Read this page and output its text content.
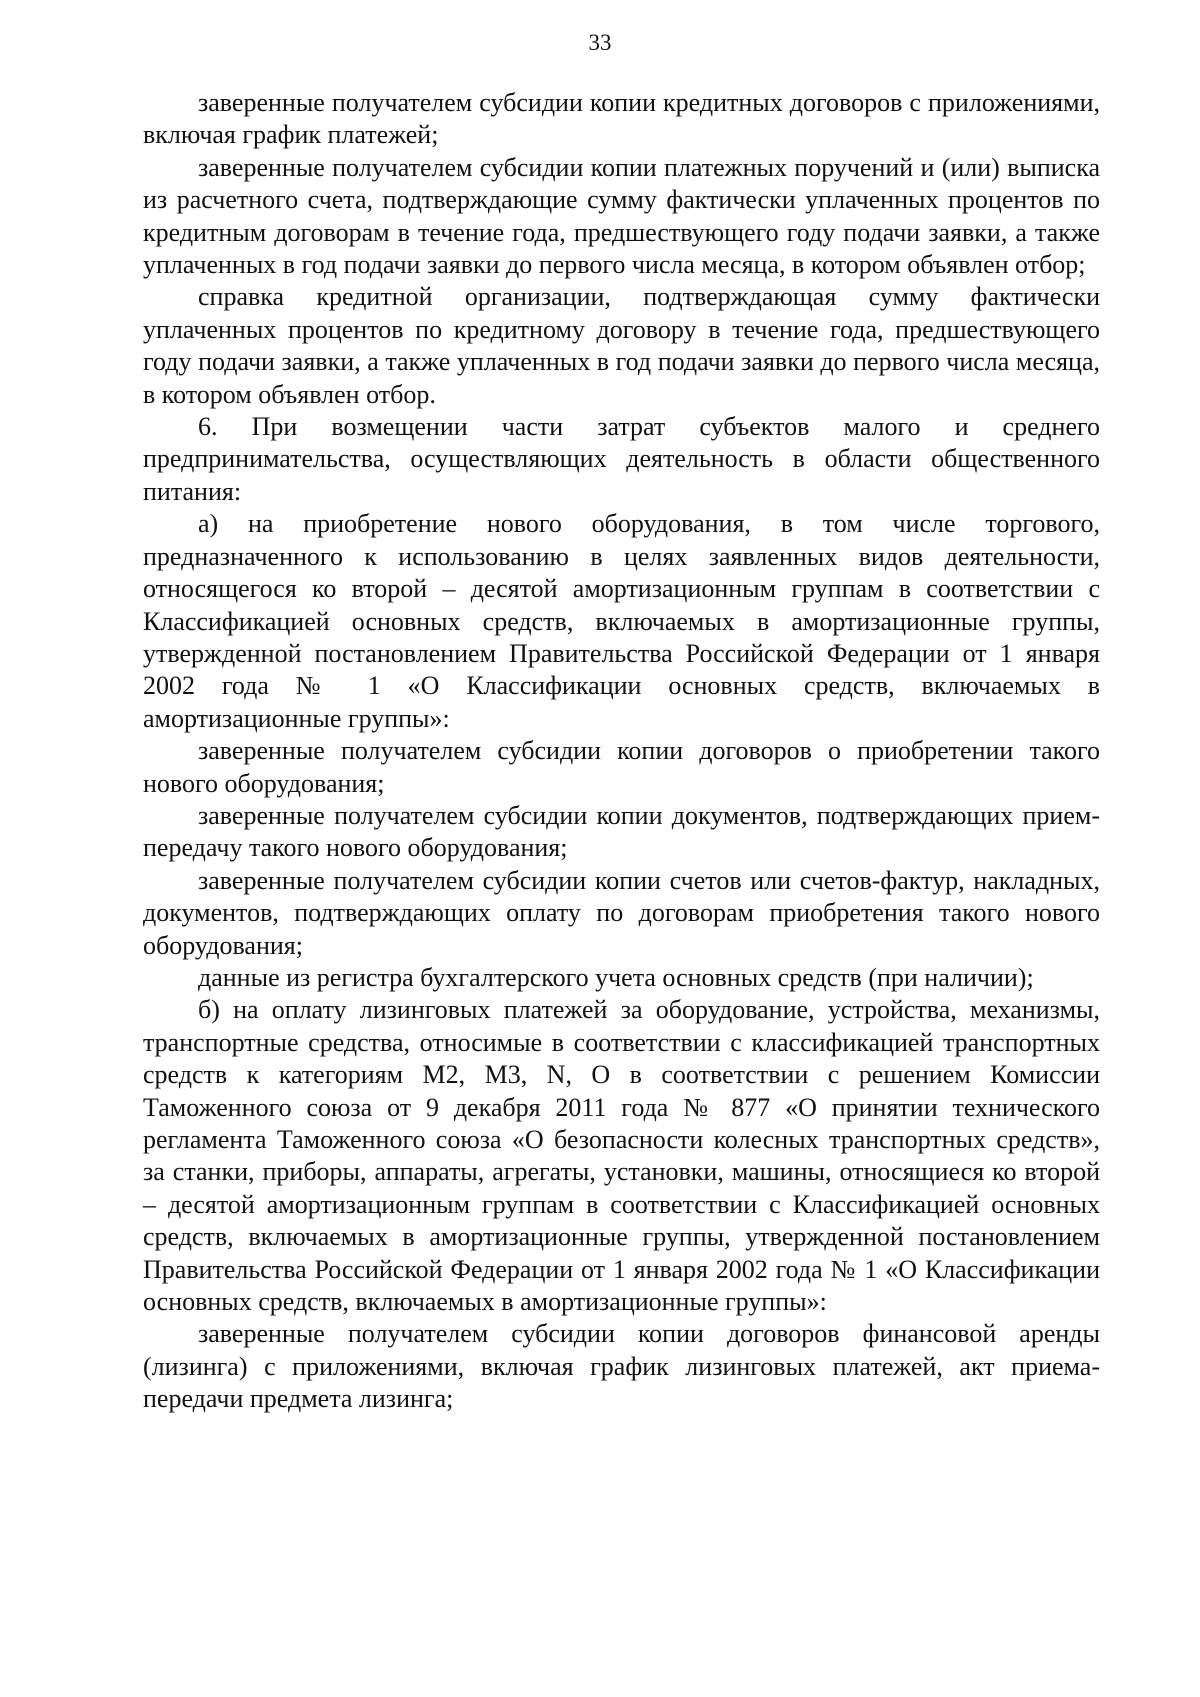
33

заверенные получателем субсидии копии кредитных договоров с приложениями, включая график платежей;

заверенные получателем субсидии копии платежных поручений и (или) выписка из расчетного счета, подтверждающие сумму фактически уплаченных процентов по кредитным договорам в течение года, предшествующего году подачи заявки, а также уплаченных в год подачи заявки до первого числа месяца, в котором объявлен отбор;

справка кредитной организации, подтверждающая сумму фактически уплаченных процентов по кредитному договору в течение года, предшествующего году подачи заявки, а также уплаченных в год подачи заявки до первого числа месяца, в котором объявлен отбор.

6. При возмещении части затрат субъектов малого и среднего предпринимательства, осуществляющих деятельность в области общественного питания:

а) на приобретение нового оборудования, в том числе торгового, предназначенного к использованию в целях заявленных видов деятельности, относящегося ко второй – десятой амортизационным группам в соответствии с Классификацией основных средств, включаемых в амортизационные группы, утвержденной постановлением Правительства Российской Федерации от 1 января 2002 года № 1 «О Классификации основных средств, включаемых в амортизационные группы»:

заверенные получателем субсидии копии договоров о приобретении такого нового оборудования;

заверенные получателем субсидии копии документов, подтверждающих прием-передачу такого нового оборудования;

заверенные получателем субсидии копии счетов или счетов-фактур, накладных, документов, подтверждающих оплату по договорам приобретения такого нового оборудования;

данные из регистра бухгалтерского учета основных средств (при наличии);

б) на оплату лизинговых платежей за оборудование, устройства, механизмы, транспортные средства, относимые в соответствии с классификацией транспортных средств к категориям M2, M3, N, O в соответствии с решением Комиссии Таможенного союза от 9 декабря 2011 года № 877 «О принятии технического регламента Таможенного союза «О безопасности колесных транспортных средств», за станки, приборы, аппараты, агрегаты, установки, машины, относящиеся ко второй – десятой амортизационным группам в соответствии с Классификацией основных средств, включаемых в амортизационные группы, утвержденной постановлением Правительства Российской Федерации от 1 января 2002 года № 1 «О Классификации основных средств, включаемых в амортизационные группы»:

заверенные получателем субсидии копии договоров финансовой аренды (лизинга) с приложениями, включая график лизинговых платежей, акт приема-передачи предмета лизинга;
